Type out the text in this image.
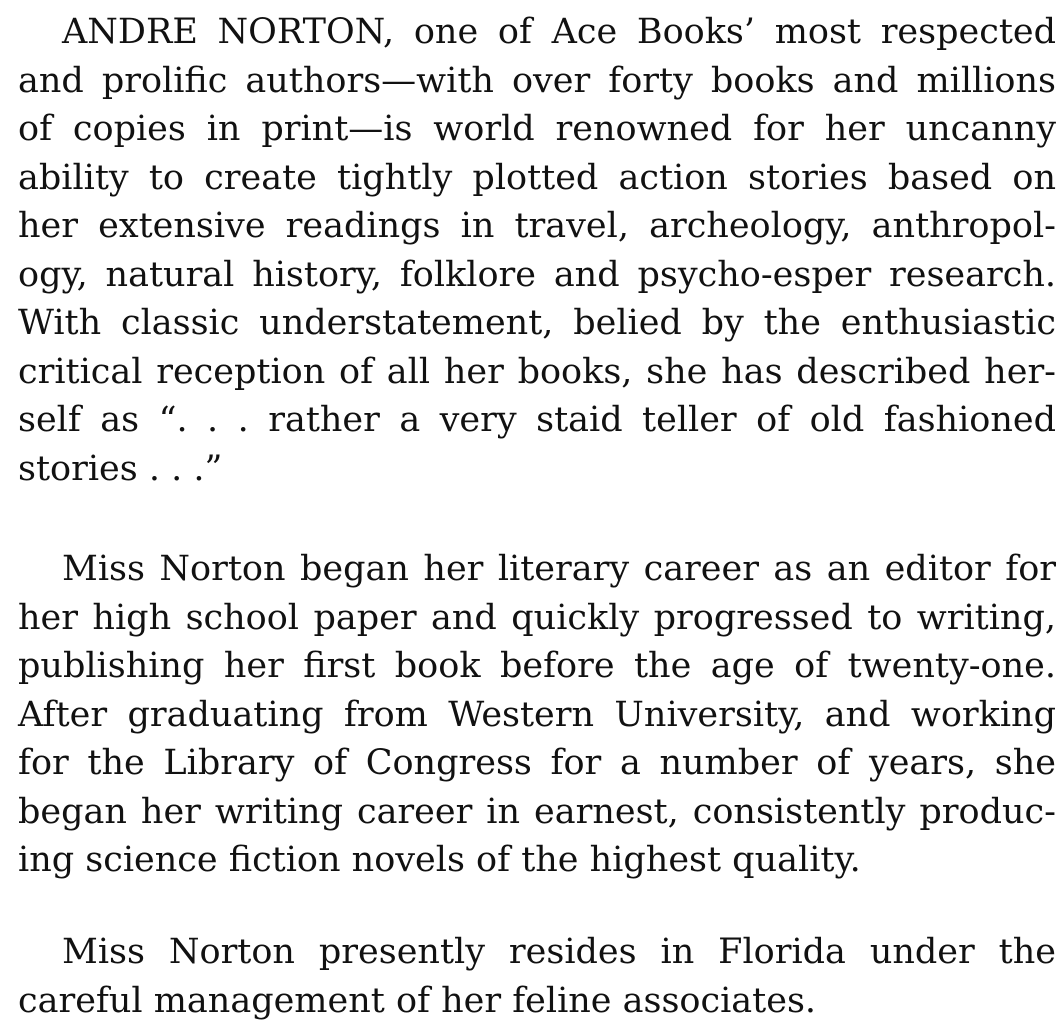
ANDRE NORTON, one of Ace Books’ most respected
and prolific authors—with over forty books and millions
of copies in print—is world renowned for her uncanny
ability to create tightly plotted action stories based on
her extensive readings in travel, archeology, anthropol-
ogy, natural history, folklore and psycho-esper research.
With classic understatement, belied by the enthusiastic
critical reception of all her books, she has described her-
self as “. . . rather a very staid teller of old fashioned
stories . . .”
Miss Norton began her literary career as an editor for
her high school paper and quickly progressed to writing,
publishing her first book before the age of twenty-one.
After graduating from Western University, and working
for the Library of Congress for a number of years, she
began her writing career in earnest, consistently produc-
ing science fiction novels of the highest quality.
Miss Norton presently resides in Florida under the
careful management of her feline associates.
